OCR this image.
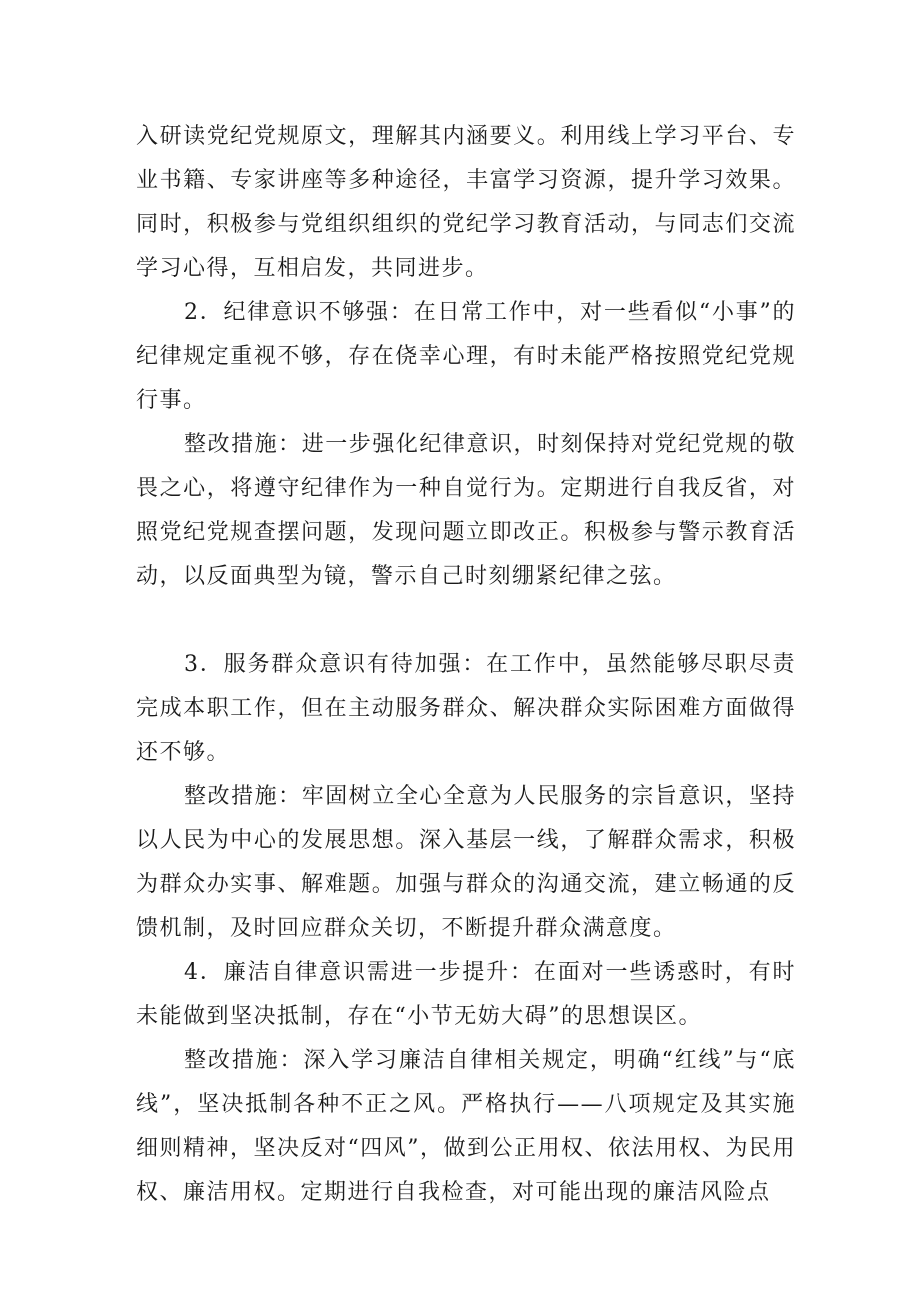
入研读党纪党规原文，理解其内涵要义。利用线上学习平台、专业书籍、专家讲座等多种途径，丰富学习资源，提升学习效果。同时，积极参与党组织组织的党纪学习教育活动，与同志们交流学习心得，互相启发，共同进步。

2．纪律意识不够强：在日常工作中，对一些看似“小事”的纪律规定重视不够，存在侥幸心理，有时未能严格按照党纪党规行事。

整改措施：进一步强化纪律意识，时刻保持对党纪党规的敬畏之心，将遵守纪律作为一种自觉行为。定期进行自我反省，对照党纪党规查摆问题，发现问题立即改正。积极参与警示教育活动，以反面典型为镜，警示自己时刻绷紧纪律之弦。

3．服务群众意识有待加强：在工作中，虽然能够尽职尽责完成本职工作，但在主动服务群众、解决群众实际困难方面做得还不够。

整改措施：牢固树立全心全意为人民服务的宗旨意识，坚持以人民为中心的发展思想。深入基层一线，了解群众需求，积极为群众办实事、解难题。加强与群众的沟通交流，建立畅通的反馈机制，及时回应群众关切，不断提升群众满意度。

4．廉洁自律意识需进一步提升：在面对一些诱惑时，有时未能做到坚决抵制，存在“小节无妨大碍”的思想误区。

整改措施：深入学习廉洁自律相关规定，明确“红线”与“底线”，坚决抵制各种不正之风。严格执行——八项规定及其实施细则精神，坚决反对“四风”，做到公正用权、依法用权、为民用权、廉洁用权。定期进行自我检查，对可能出现的廉洁风险点
